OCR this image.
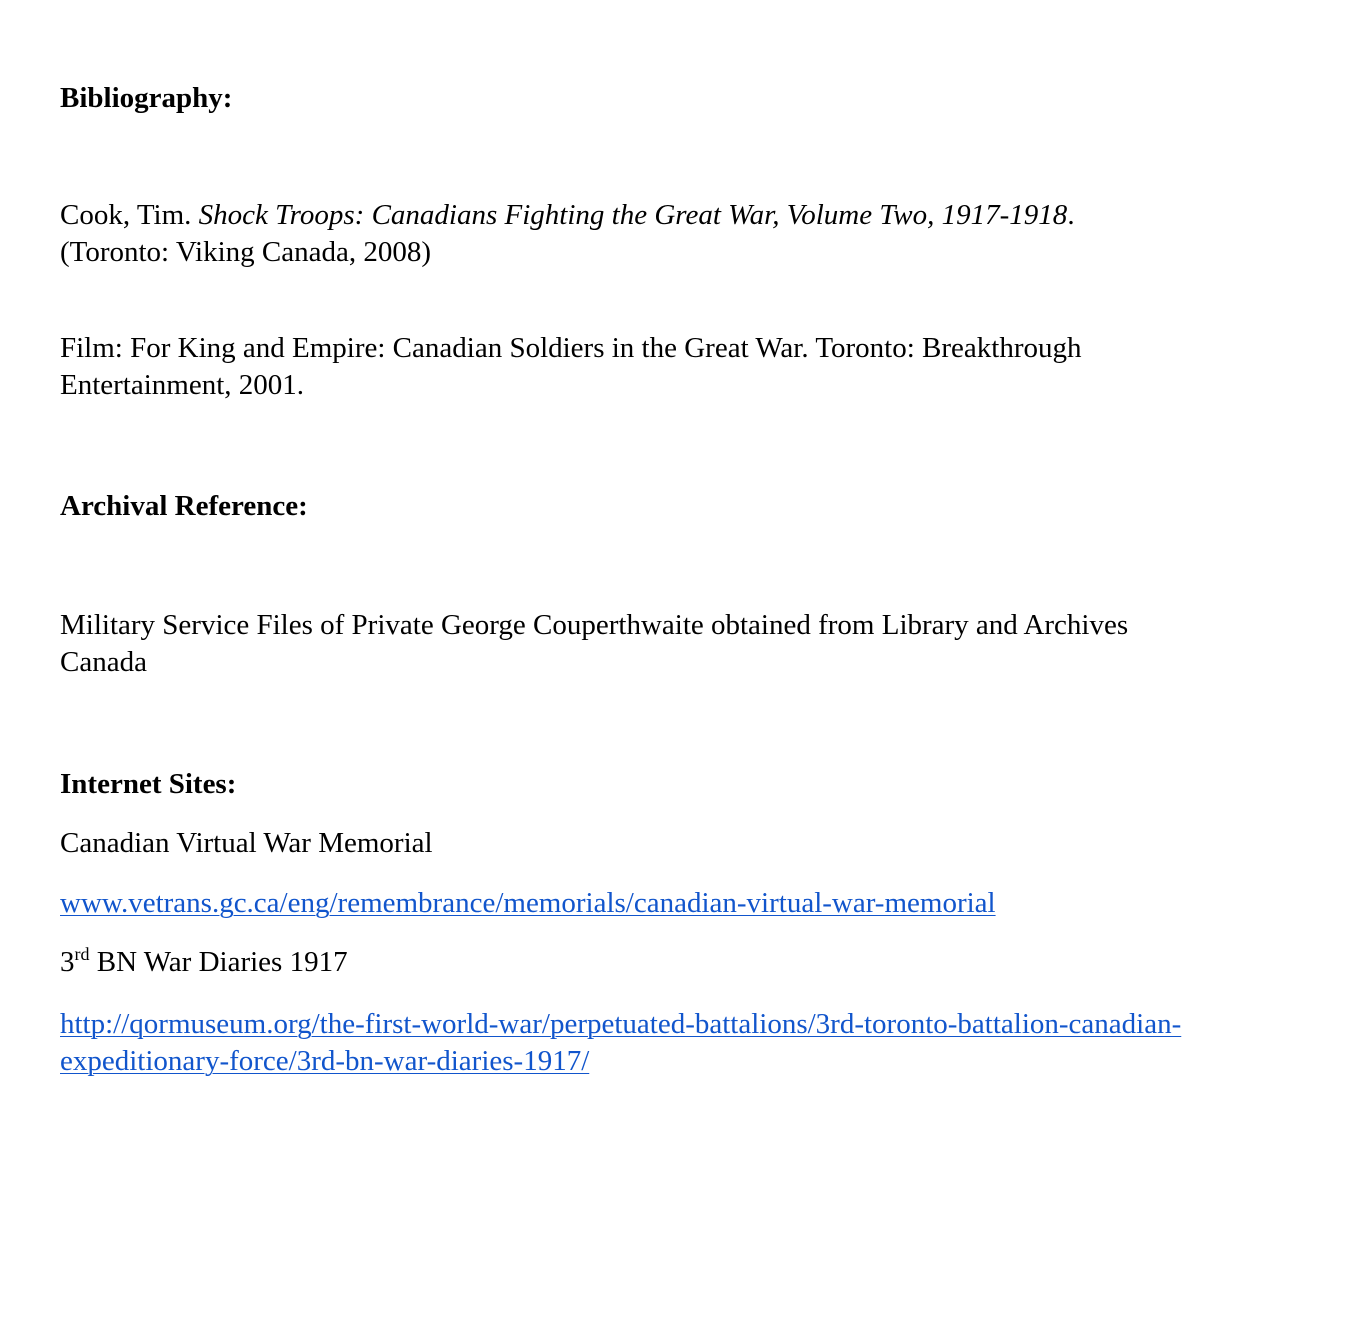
Bibliography:
Cook, Tim. Shock Troops: Canadians Fighting the Great War, Volume Two, 1917-1918.
(Toronto: Viking Canada, 2008)
Film: For King and Empire: Canadian Soldiers in the Great War. Toronto: Breakthrough
Entertainment, 2001.
Archival Reference:
Military Service Files of Private George Couperthwaite obtained from Library and Archives
Canada
Internet Sites:
Canadian Virtual War Memorial
www.vetrans.gc.ca/eng/remembrance/memorials/canadian-virtual-war-memorial
3rd BN War Diaries 1917
http://qormuseum.org/the-first-world-war/perpetuated-battalions/3rd-toronto-battalion-canadian-
expeditionary-force/3rd-bn-war-diaries-1917/
